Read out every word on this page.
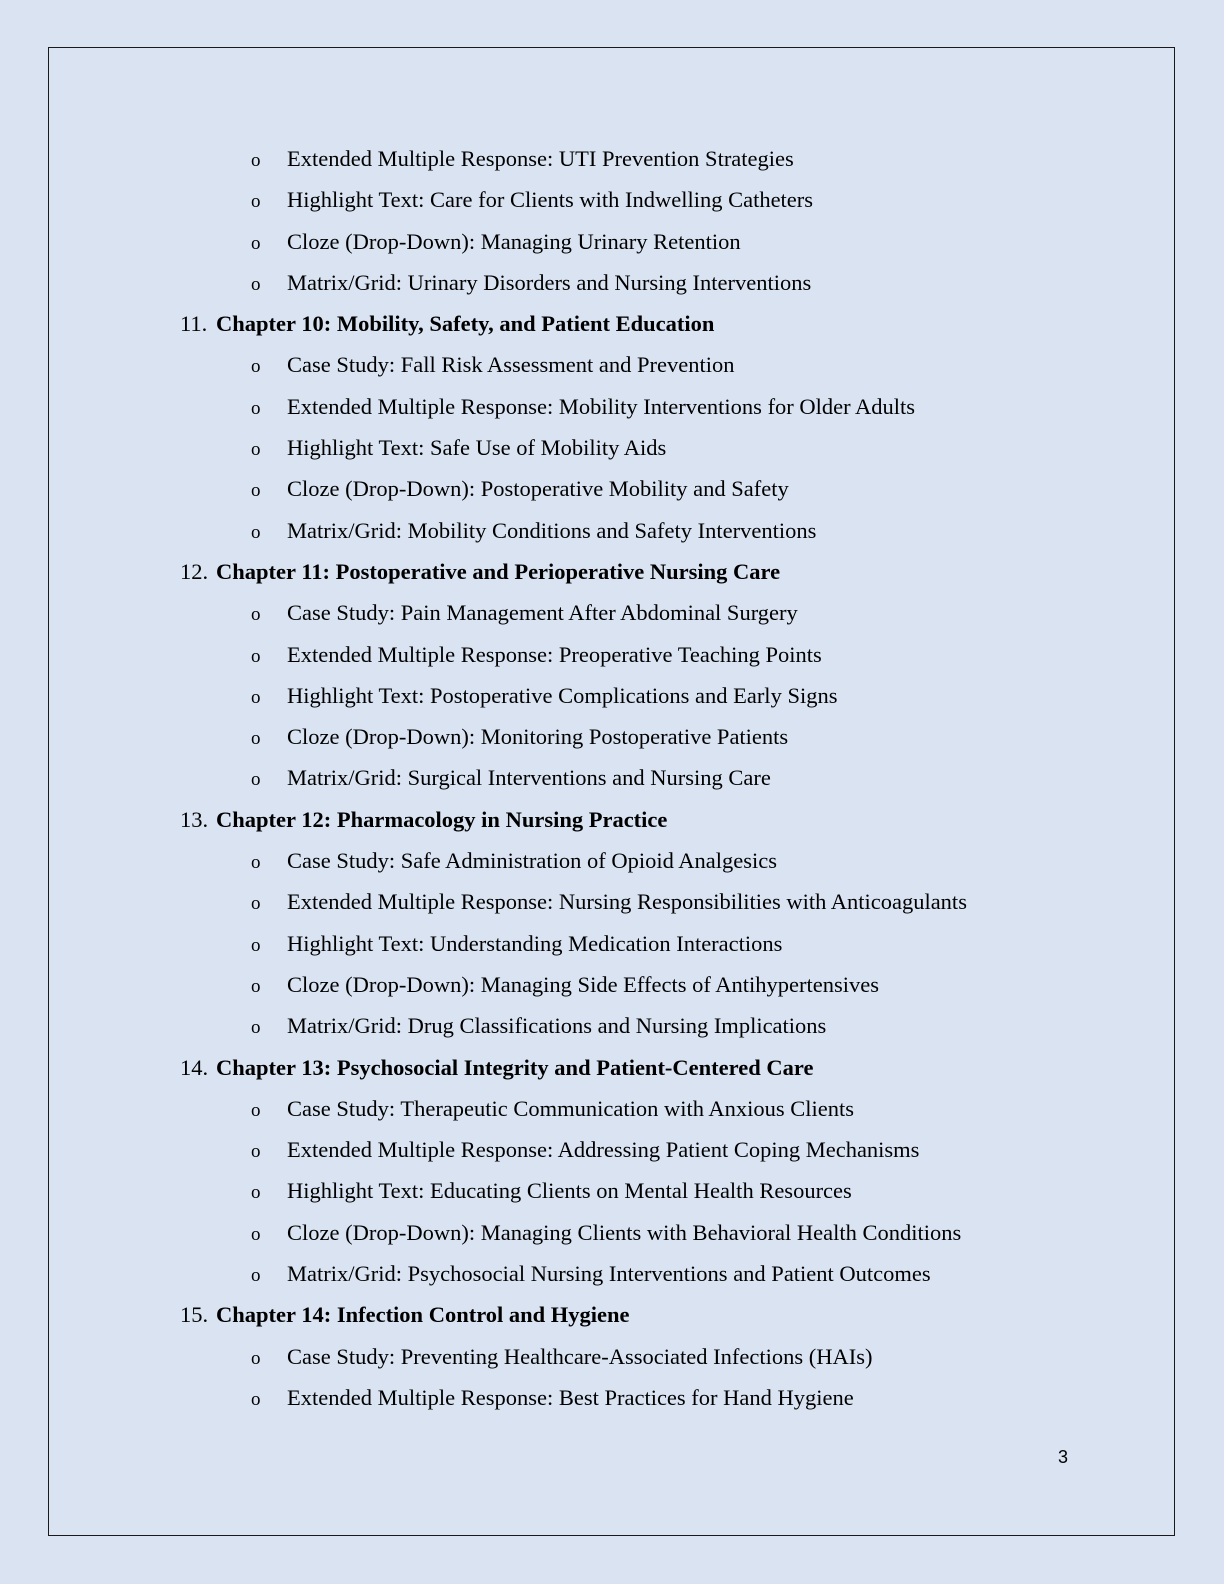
o Extended Multiple Response: UTI Prevention Strategies
o Highlight Text: Care for Clients with Indwelling Catheters
o Cloze (Drop-Down): Managing Urinary Retention
o Matrix/Grid: Urinary Disorders and Nursing Interventions
11. Chapter 10: Mobility, Safety, and Patient Education
o Case Study: Fall Risk Assessment and Prevention
o Extended Multiple Response: Mobility Interventions for Older Adults
o Highlight Text: Safe Use of Mobility Aids
o Cloze (Drop-Down): Postoperative Mobility and Safety
o Matrix/Grid: Mobility Conditions and Safety Interventions
12. Chapter 11: Postoperative and Perioperative Nursing Care
o Case Study: Pain Management After Abdominal Surgery
o Extended Multiple Response: Preoperative Teaching Points
o Highlight Text: Postoperative Complications and Early Signs
o Cloze (Drop-Down): Monitoring Postoperative Patients
o Matrix/Grid: Surgical Interventions and Nursing Care
13. Chapter 12: Pharmacology in Nursing Practice
o Case Study: Safe Administration of Opioid Analgesics
o Extended Multiple Response: Nursing Responsibilities with Anticoagulants
o Highlight Text: Understanding Medication Interactions
o Cloze (Drop-Down): Managing Side Effects of Antihypertensives
o Matrix/Grid: Drug Classifications and Nursing Implications
14. Chapter 13: Psychosocial Integrity and Patient-Centered Care
o Case Study: Therapeutic Communication with Anxious Clients
o Extended Multiple Response: Addressing Patient Coping Mechanisms
o Highlight Text: Educating Clients on Mental Health Resources
o Cloze (Drop-Down): Managing Clients with Behavioral Health Conditions
o Matrix/Grid: Psychosocial Nursing Interventions and Patient Outcomes
15. Chapter 14: Infection Control and Hygiene
o Case Study: Preventing Healthcare-Associated Infections (HAIs)
o Extended Multiple Response: Best Practices for Hand Hygiene
3
